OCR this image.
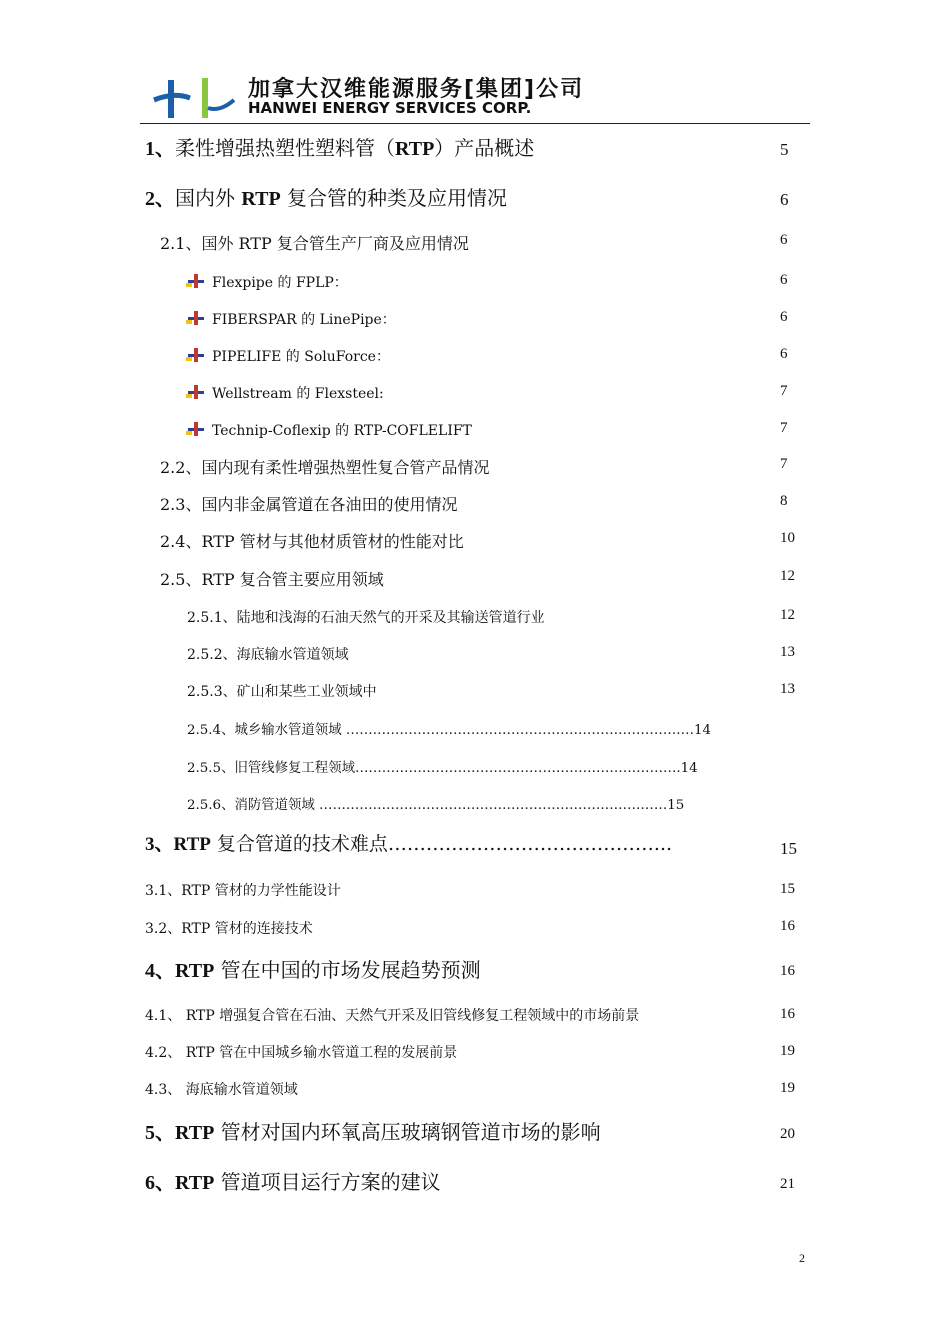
加拿大汉维能源服务[集团]公司
HANWEI ENERGY SERVICES CORP.
1、柔性增强热塑性塑料管（RTP）产品概述	5
2、国内外 RTP 复合管的种类及应用情况	6
2.1、国外 RTP 复合管生产厂商及应用情况	6
Flexpipe 的 FPLP：	6
FIBERSPAR 的 LinePipe：	6
PIPELIFE 的 SoluForce：	6
Wellstream 的 Flexsteel:	7
Technip-Coflexip 的 RTP-COFLELIFT	7
2.2、国内现有柔性增强热塑性复合管产品情况	7
2.3、国内非金属管道在各油田的使用情况	8
2.4、RTP 管材与其他材质管材的性能对比	10
2.5、RTP 复合管主要应用领域	12
2.5.1、陆地和浅海的石油天然气的开采及其输送管道行业	12
2.5.2、海底输水管道领域	13
2.5.3、矿山和某些工业领域中	13
2.5.4、城乡输水管道领域 ……………………………………………………………………14
2.5.5、旧管线修复工程领域……………………………………………………………….14
2.5.6、消防管道领域 ……………………………………………………………………15
3、RTP 复合管道的技术难点……………………………………...	15
3.1、RTP 管材的力学性能设计	15
3.2、RTP 管材的连接技术	16
4、RTP 管在中国的市场发展趋势预测	16
4.1、 RTP 增强复合管在石油、天然气开采及旧管线修复工程领域中的市场前景	16
4.2、 RTP 管在中国城乡输水管道工程的发展前景	19
4.3、 海底输水管道领域	19
5、RTP 管材对国内环氧高压玻璃钢管道市场的影响	20
6、RTP 管道项目运行方案的建议	21
2
